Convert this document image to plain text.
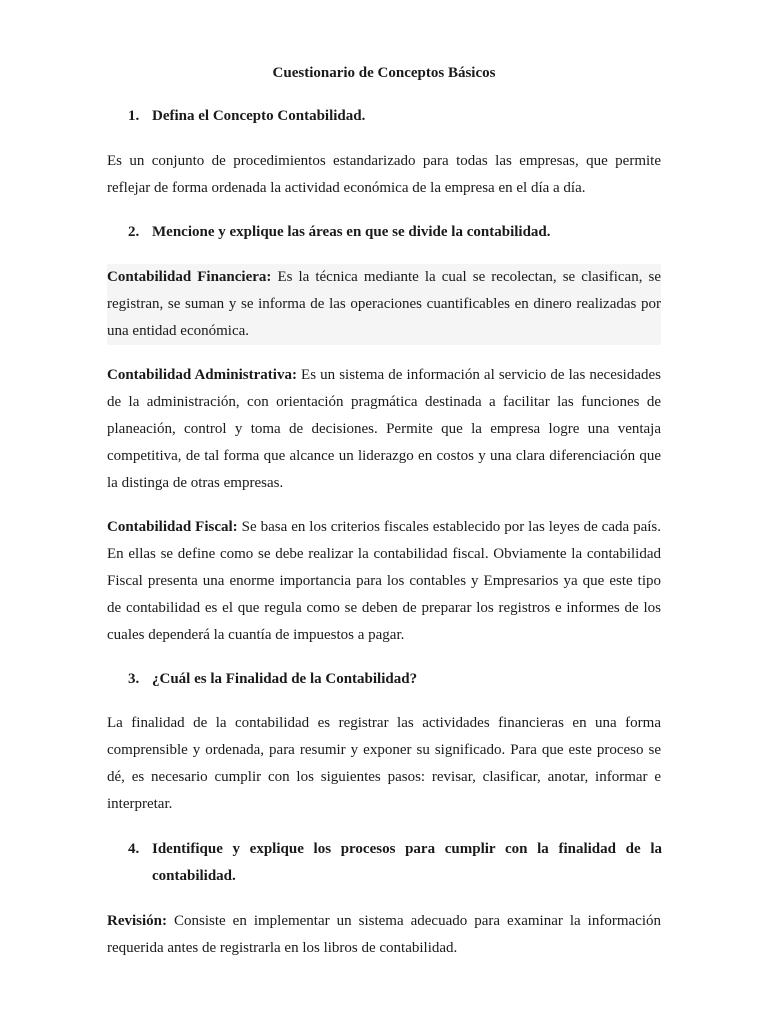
Cuestionario de Conceptos Básicos
1. Defina el Concepto Contabilidad.
Es un conjunto de procedimientos estandarizado para todas las empresas, que permite reflejar de forma ordenada la actividad económica de la empresa en el día a día.
2. Mencione y explique las áreas en que se divide la contabilidad.
Contabilidad Financiera: Es la técnica mediante la cual se recolectan, se clasifican, se registran, se suman y se informa de las operaciones cuantificables en dinero realizadas por una entidad económica.
Contabilidad Administrativa: Es un sistema de información al servicio de las necesidades de la administración, con orientación pragmática destinada a facilitar las funciones de planeación, control y toma de decisiones. Permite que la empresa logre una ventaja competitiva, de tal forma que alcance un liderazgo en costos y una clara diferenciación que la distinga de otras empresas.
Contabilidad Fiscal: Se basa en los criterios fiscales establecido por las leyes de cada país. En ellas se define como se debe realizar la contabilidad fiscal. Obviamente la contabilidad Fiscal presenta una enorme importancia para los contables y Empresarios ya que este tipo de contabilidad es el que regula como se deben de preparar los registros e informes de los cuales dependerá la cuantía de impuestos a pagar.
3. ¿Cuál es la Finalidad de la Contabilidad?
La finalidad de la contabilidad es registrar las actividades financieras en una forma comprensible y ordenada, para resumir y exponer su significado. Para que este proceso se dé, es necesario cumplir con los siguientes pasos: revisar, clasificar, anotar, informar e interpretar.
4. Identifique y explique los procesos para cumplir con la finalidad de la contabilidad.
Revisión: Consiste en implementar un sistema adecuado para examinar la información requerida antes de registrarla en los libros de contabilidad.
